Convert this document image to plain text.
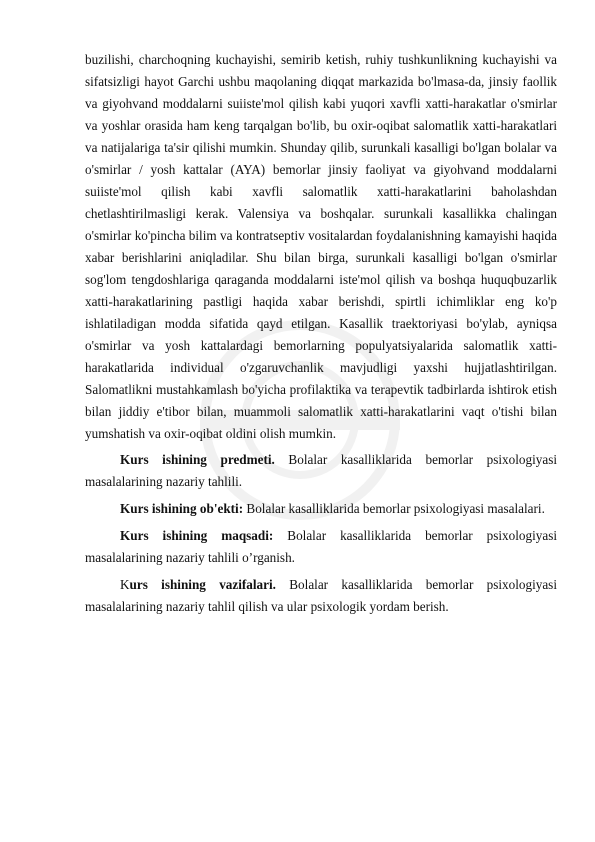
buzilishi, charchoqning kuchayishi, semirib ketish, ruhiy tushkunlikning kuchayishi va sifatsizligi hayot Garchi ushbu maqolaning diqqat markazida bo'lmasa-da, jinsiy faollik va giyohvand moddalarni suiiste'mol qilish kabi yuqori xavfli xatti-harakatlar o'smirlar va yoshlar orasida ham keng tarqalgan bo'lib, bu oxir-oqibat salomatlik xatti-harakatlari va natijalariga ta'sir qilishi mumkin. Shunday qilib, surunkali kasalligi bo'lgan bolalar va o'smirlar / yosh kattalar (AYA) bemorlar jinsiy faoliyat va giyohvand moddalarni suiiste'mol qilish kabi xavfli salomatlik xatti-harakatlarini baholashdan chetlashtirilmasligi kerak. Valensiya va boshqalar. surunkali kasallikka chalingan o'smirlar ko'pincha bilim va kontratseptiv vositalardan foydalanishning kamayishi haqida xabar berishlarini aniqladilar. Shu bilan birga, surunkali kasalligi bo'lgan o'smirlar sog'lom tengdoshlariga qaraganda moddalarni iste'mol qilish va boshqa huquqbuzarlik xatti-harakatlarining pastligi haqida xabar berishdi, spirtli ichimliklar eng ko'p ishlatiladigan modda sifatida qayd etilgan. Kasallik traektoriyasi bo'ylab, ayniqsa o'smirlar va yosh kattalardagi bemorlarning populyatsiyalarida salomatlik xatti-harakatlarida individual o'zgaruvchanlik mavjudligi yaxshi hujjatlashtirilgan. Salomatlikni mustahkamlash bo'yicha profilaktika va terapevtik tadbirlarda ishtirok etish bilan jiddiy e'tibor bilan, muammoli salomatlik xatti-harakatlarini vaqt o'tishi bilan yumshatish va oxir-oqibat oldini olish mumkin.

Kurs ishining predmeti. Bolalar kasalliklarida bemorlar psixologiyasi masalalarining nazariy tahlili.

Kurs ishining ob'ekti: Bolalar kasalliklarida bemorlar psixologiyasi masalalari.

Kurs ishining maqsadi: Bolalar kasalliklarida bemorlar psixologiyasi masalalarining nazariy tahlili o’rganish.

Kurs ishining vazifalari. Bolalar kasalliklarida bemorlar psixologiyasi masalalarining nazariy tahlil qilish va ular psixologik yordam berish.
